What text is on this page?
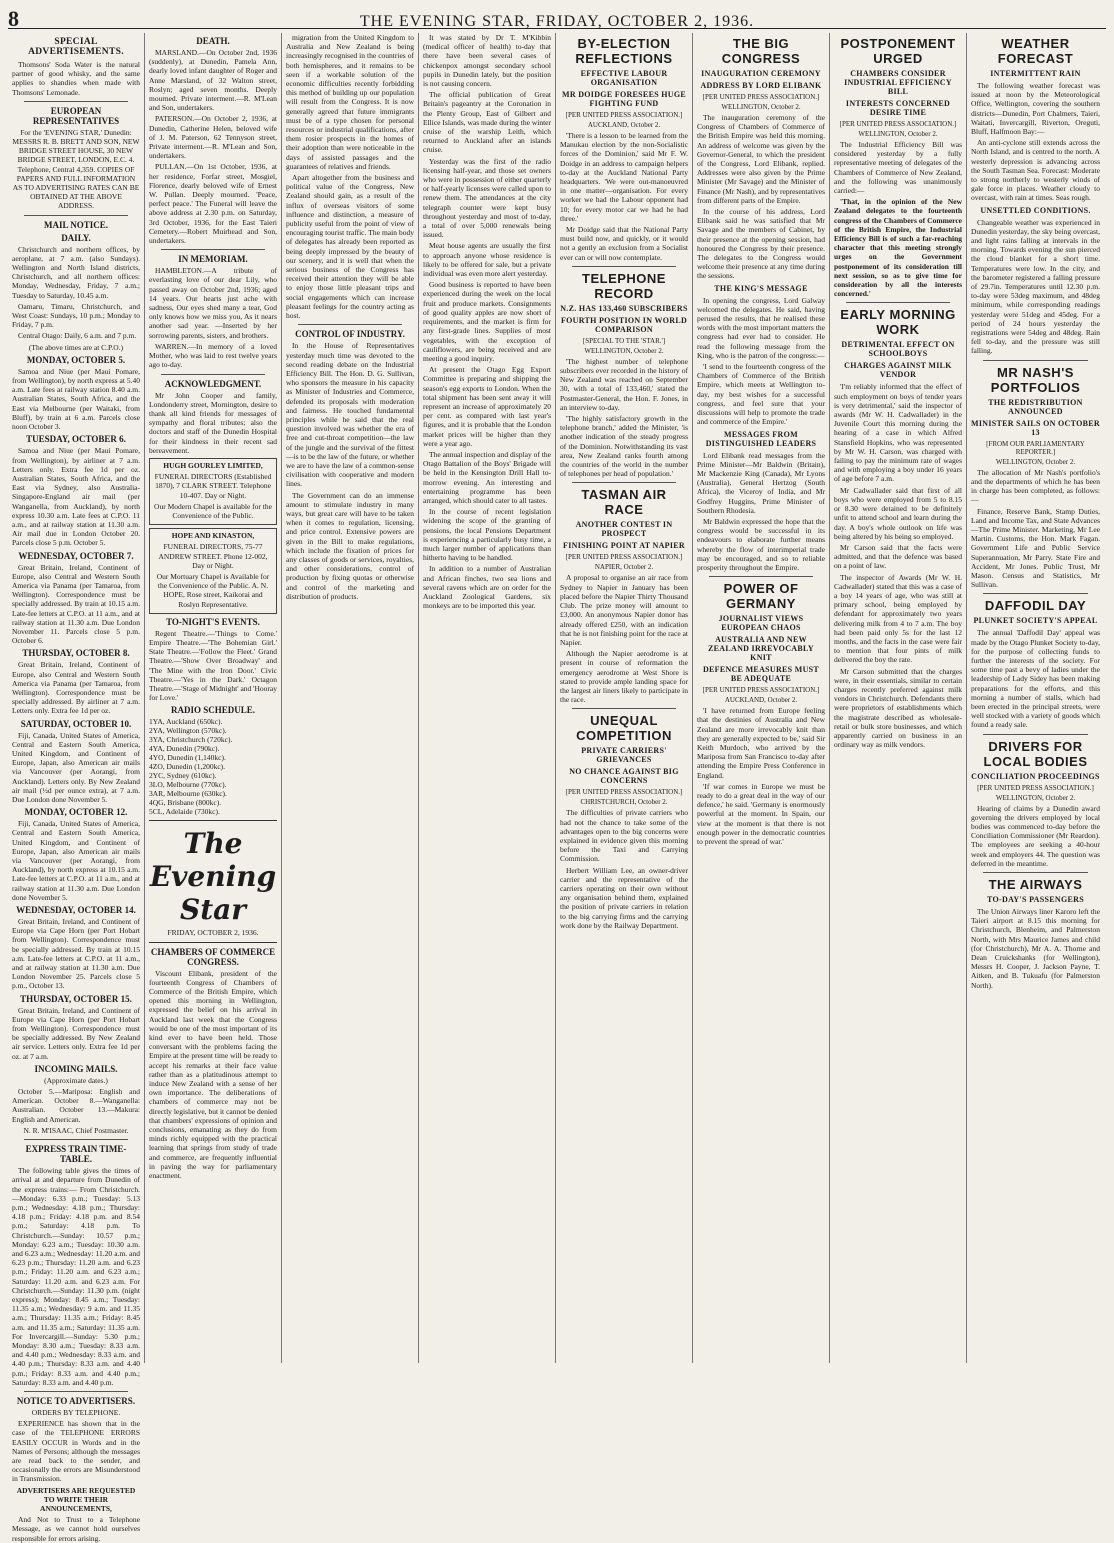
8	THE EVENING STAR, FRIDAY, OCTOBER 2, 1936.
SPECIAL ADVERTISEMENTS.

Thomsons' Soda Water is the natural partner of good whisky, and the same applies to shandies when made with Thomsons' Lemonade.

EUROPEAN REPRESENTATIVES

For the 'EVENING STAR,' Dunedin: MESSRS R. B. BRETT AND SON, NEW BRIDGE STREET HOUSE, 30 NEW BRIDGE STREET, LONDON, E.C. 4. Telephone, Central 4,359. COPIES OF PAPERS AND FULL INFORMATION AS TO ADVERTISING RATES CAN BE OBTAINED AT THE ABOVE ADDRESS.

MAIL NOTICE.
DAILY.

Christchurch and northern offices, by aeroplane, at 7 a.m. (also Sundays). Wellington and North Island districts, Christchurch, and all northern offices: Monday, Wednesday, Friday, 7 a.m.; Tuesday to Saturday, 10.45 a.m.

Oamaru, Timaru, Christchurch, and West Coast: Sundays, 10 p.m.; Monday to Friday, 7 p.m.

Central Otago: Daily, 6 a.m. and 7 p.m.

(The above times are at C.P.O.)

MONDAY, OCTOBER 5.

Samoa and Niue (per Maui Pomare, from Wellington), by north express at 5.40 a.m. Late fees at railway station 8.40 a.m. Australian States, South Africa, and the East via Melbourne (per Waitaki, from Bluff), by train at 6 a.m. Parcels close noon October 3.

TUESDAY, OCTOBER 6.

Samoa and Niue (per Maui Pomare, from Wellington), by airliner at 7 a.m. Letters only. Extra fee 1d per oz. Australian States, South Africa, and the East via Sydney, also Australia-Singapore-England air mail (per Wanganella, from Auckland), by north express 10.30 a.m. Late fees at C.P.O. 11 a.m., and at railway station at 11.30 a.m. Air mail due in London October 20. Parcels close 5 p.m. October 5.

WEDNESDAY, OCTOBER 7.

Great Britain, Ireland, Continent of Europe, also Central and Western South America via Panama (per Tamaroa, from Wellington). Correspondence must be specially addressed. By train at 10.15 a.m. Late-fee letters at C.P.O. at 11 a.m., and at railway station at 11.30 a.m. Due London November 11. Parcels close 5 p.m. October 6.

THURSDAY, OCTOBER 8.

Great Britain, Ireland, Continent of Europe, also Central and Western South America via Panama (per Tamaroa, from Wellington). Correspondence must be specially addressed. By airliner at 7 a.m. Letters only. Extra fee 1d per oz.

SATURDAY, OCTOBER 10.

Fiji, Canada, United States of America, Central and Eastern South America, United Kingdom, and Continent of Europe, Japan, also American air mails via Vancouver (per Aorangi, from Auckland). Letters only. By New Zealand air mail (½d per ounce extra), at 7 a.m. Due London done November 5.

MONDAY, OCTOBER 12.

Fiji, Canada, United States of America, Central and Eastern South America, United Kingdom, and Continent of Europe, Japan, also American air mails via Vancouver (per Aorangi, from Auckland), by north express at 10.15 a.m. Late-fee letters at C.P.O. at 11 a.m., and at railway station at 11.30 a.m. Due London done November 5.

WEDNESDAY, OCTOBER 14.

Great Britain, Ireland, and Continent of Europe via Cape Horn (per Port Hobart from Wellington). Correspondence must be specially addressed. By train at 10.15 a.m. Late-fee letters at C.P.O. at 11 a.m., and at railway station at 11.30 a.m. Due London November 25. Parcels close 5 p.m., October 13.

THURSDAY, OCTOBER 15.

Great Britain, Ireland, and Continent of Europe via Cape Horn (per Port Hobart from Wellington). Correspondence must be specially addressed. By New Zealand air service. Letters only. Extra fee 1d per oz. at 7 a.m.

INCOMING MAILS.

(Approximate dates.)

October 5.—Mariposa: English and American. October 8.—Wanganella: Australian. October 13.—Makura: English and American.

N. R. M'ISAAC, Chief Postmaster.

EXPRESS TRAIN TIME-TABLE.

The following table gives the times of arrival at and departure from Dunedin of the express trains:— From Christchurch.—Monday: 6.33 p.m.; Tuesday: 5.13 p.m.; Wednesday: 4.18 p.m.; Thursday: 4.18 p.m.; Friday: 4.18 p.m. and 8.54 p.m.; Saturday: 4.18 p.m. To Christchurch.—Sunday: 10.57 p.m.; Monday: 6.23 a.m.; Tuesday: 10.30 a.m. and 6.23 a.m.; Wednesday: 11.20 a.m. and 6.23 p.m.; Thursday: 11.20 a.m. and 6.23 p.m.; Friday: 11.20 a.m. and 6.23 a.m.; Saturday: 11.20 a.m. and 6.23 a.m. For Christchurch.—Sunday: 11.30 p.m. (night express); Monday: 8.45 a.m.; Tuesday: 11.35 a.m.; Wednesday: 9 a.m. and 11.35 a.m.; Thursday: 11.35 a.m.; Friday: 8.45 a.m. and 11.35 a.m.; Saturday: 11.35 a.m. For Invercargill.—Sunday: 5.30 p.m.; Monday: 8.30 a.m.; Tuesday: 8.33 a.m. and 4.40 p.m.; Wednesday: 8.33 a.m. and 4.40 p.m.; Thursday: 8.33 a.m. and 4.40 p.m.; Friday: 8.33 a.m. and 4.40 p.m.; Saturday: 8.33 a.m. and 4.40 p.m.

NOTICE TO ADVERTISERS.

ORDERS BY TELEPHONE.

EXPERIENCE has shown that in the case of the TELEPHONE ERRORS EASILY OCCUR in Words and in the Names of Persons; although the messages are read back to the sender, and occasionally the errors are Misunderstood in Transmission.

ADVERTISERS ARE REQUESTED TO WRITE THEIR ANNOUNCEMENTS,

And Not to Trust to a Telephone Message, as we cannot hold ourselves responsible for errors arising.

DEATH.

MARSLAND.—On October 2nd, 1936 (suddenly), at Dunedin, Pamela Ann, dearly loved infant daughter of Roger and Anne Marsland, of 32 Walton street, Roslyn; aged seven months. Deeply mourned. Private interment.—R. M'Lean and Son, undertakers.

PATERSON.—On October 2, 1936, at Dunedin, Catherine Helen, beloved wife of J. M. Paterson, 62 Tennyson street, Private interment.—R. M'Lean and Son, undertakers.

PULLAN.—On 1st October, 1936, at her residence, Forfar street, Mosgiel, Florence, dearly beloved wife of Ernest W. Pullan. Deeply mourned. 'Peace, perfect peace.' The Funeral will leave the above address at 2.30 p.m. on Saturday, 3rd October, 1936, for the East Taieri Cemetery.—Robert Muirhead and Son, undertakers.

IN MEMORIAM.

HAMBLETON.—A tribute of everlasting love of our dear Lily, who passed away on October 2nd, 1936; aged 14 years. Our hearts just ache with sadness, Our eyes shed many a tear, God only knows how we miss you, As it nears another sad year. —Inserted by her sorrowing parents, sisters, and brothers.

WARREN.—In memory of a loved Mother, who was laid to rest twelve years ago to-day.

ACKNOWLEDGMENT.

Mr John Cooper and family, Londonderry street, Mornington, desire to thank all kind friends for messages of sympathy and floral tributes; also the doctors and staff of the Dunedin Hospital for their kindness in their recent sad bereavement.

HUGH GOURLEY LIMITED,

FUNERAL DIRECTORS (Established 1870), 7 CLARK STREET. Telephone 10-407. Day or Night.

Our Modern Chapel is available for the Convenience of the Public.

HOPE AND KINASTON,

FUNERAL DIRECTORS, 75-77 ANDREW STREET. Phone 12-002, Day or Night.

Our Mortuary Chapel is Available for the Convenience of the Public. A. N. HOPE, Rose street, Kaikorai and Roslyn Representative.

TO-NIGHT'S EVENTS.

Regent Theatre.—'Things to Come.' Empire Theatre.—'The Bohemian Girl.' State Theatre.—'Follow the Fleet.' Grand Theatre.—'Show Over Broadway' and 'The Mine with the Iron Door.' Civic Theatre.—'Yes in the Dark.' Octagon Theatre.—'Stage of Midnight' and 'Hooray for Love.'

RADIO SCHEDULE.
1YA, Auckland (650kc).
2YA, Wellington (570kc).
3YA, Christchurch (720kc).
4YA, Dunedin (790kc).
4YO, Dunedin (1,140kc).
4ZO, Dunedin (1,200kc).
2YC, Sydney (610kc).
3LO, Melbourne (770kc).
3AR, Melbourne (630kc).
4QG, Brisbane (800kc).
5CL, Adelaide (730kc).
The Evening Star

FRIDAY, OCTOBER 2, 1936.

CHAMBERS OF COMMERCE CONGRESS.

Viscount Elibank, president of the fourteenth Congress of Chambers of Commerce of the British Empire, which opened this morning in Wellington, expressed the belief on his arrival in Auckland last week that the Congress would be one of the most important of its kind ever to have been held. Those conversant with the problems facing the Empire at the present time will be ready to accept his remarks at their face value rather than as a platitudinous attempt to induce New Zealand with a sense of her own importance. The deliberations of chambers of commerce may not be directly legislative, but it cannot be denied that chambers' expressions of opinion and conclusions, emanating as they do from minds richly equipped with the practical learning that springs from study of trade and commerce, are frequently influential in paving the way for parliamentary enactment.

migration from the United Kingdom to Australia and New Zealand is being increasingly recognised in the countries of both hemispheres, and it remains to be seen if a workable solution of the economic difficulties recently forbidding this method of building up our population will result from the Congress. It is now generally agreed that future immigrants must be of a type chosen for personal resources or industrial qualifications, after them rosier prospects in the homes of their adoption than were noticeable in the days of assisted passages and the guarantees of relatives and friends.

Apart altogether from the business and political value of the Congress, New Zealand should gain, as a result of the influx of overseas visitors of some influence and distinction, a measure of publicity useful from the point of view of encouraging tourist traffic. The main body of delegates has already been reported as being deeply impressed by the beauty of our scenery, and it is well that when the serious business of the Congress has received their attention they will be able to enjoy those little pleasant trips and social engagements which can increase pleasant feelings for the country acting as host.

CONTROL OF INDUSTRY.

In the House of Representatives yesterday much time was devoted to the second reading debate on the Industrial Efficiency Bill. The Hon. D. G. Sullivan, who sponsors the measure in his capacity as Minister of Industries and Commerce, defended its proposals with moderation and fairness. He touched fundamental principles while he said that the real question involved was whether the era of free and cut-throat competition—the law of the jungle and the survival of the fittest—is to be the law of the future, or whether we are to have the law of a common-sense civilisation with cooperative and modern lines.

The Government can do an immense amount to stimulate industry in many ways, but great care will have to be taken when it comes to regulation, licensing, and price control. Extensive powers are given in the Bill to make regulations, which include the fixation of prices for any classes of goods or services, royalties, and other considerations, control of production by fixing quotas or otherwise and control of the marketing and distribution of products.

It was stated by Dr T. M'Kibbin (medical officer of health) to-day that there have been several cases of chickenpox amongst secondary school pupils in Dunedin lately, but the position is not causing concern.

The official publication of Great Britain's pageantry at the Coronation in the Plenty Group, East of Gilbert and Ellice Islands, was made during the winter cruise of the warship Leith, which returned to Auckland after an islands cruise.

Yesterday was the first of the radio licensing half-year, and those set owners who were in possession of either quarterly or half-yearly licenses were called upon to renew them. The attendances at the city telegraph counter were kept busy throughout yesterday and most of to-day, a total of over 5,000 renewals being issued.

Meat house agents are usually the first to approach anyone whose residence is likely to be offered for sale, but a private individual was even more alert yesterday.

Good business is reported to have been experienced during the week on the local fruit and produce markets. Consignments of good quality apples are now short of requirements, and the market is firm for any first-grade lines. Supplies of most vegetables, with the exception of cauliflowers, are being received and are meeting a good inquiry.

At present the Otago Egg Export Committee is preparing and shipping the season's egg exports to London. When the total shipment has been sent away it will represent an increase of approximately 20 per cent. as compared with last year's figures, and it is probable that the London market prices will be higher than they were a year ago.

The annual inspection and display of the Otago Battalion of the Boys' Brigade will be held in the Kensington Drill Hall to-morrow evening. An interesting and entertaining programme has been arranged, which should cater to all tastes.

In the course of recent legislation widening the scope of the granting of pensions, the local Pensions Department is experiencing a particularly busy time, a much larger number of applications than hitherto having to be handled.

In addition to a number of Australian and African finches, two sea lions and several ravens which are on order for the Auckland Zoological Gardens, six monkeys are to be imported this year.

BY-ELECTION REFLECTIONS
EFFECTIVE LABOUR ORGANISATION
MR DOIDGE FORESEES HUGE FIGHTING FUND
[PER UNITED PRESS ASSOCIATION.]
AUCKLAND, October 2.

'There is a lesson to be learned from the Manukau election by the non-Socialistic forces of the Dominion,' said Mr F. W. Doidge in an address to campaign helpers to-day at the Auckland National Party headquarters. 'We were out-manoeuvred in one matter—organisation. For every worker we had the Labour opponent had 10; for every motor car we had he had three.'

Mr Doidge said that the National Party must build now, and quickly, or it would not a gently an exclusion from a Socialist ever can or will now contemplate.

TELEPHONE RECORD
N.Z. HAS 133,460 SUBSCRIBERS
FOURTH POSITION IN WORLD COMPARISON
[SPECIAL TO THE 'STAR.']
WELLINGTON, October 2.

'The highest number of telephone subscribers ever recorded in the history of New Zealand was reached on September 30, with a total of 133,460,' stated the Postmaster-General, the Hon. F. Jones, in an interview to-day.

'The highly satisfactory growth in the telephone branch,' added the Minister, 'is another indication of the steady progress of the Dominion. Notwithstanding its vast area, New Zealand ranks fourth among the countries of the world in the number of telephones per head of population.'

TASMAN AIR RACE
ANOTHER CONTEST IN PROSPECT
FINISHING POINT AT NAPIER
[PER UNITED PRESS ASSOCIATION.]
NAPIER, October 2.

A proposal to organise an air race from Sydney to Napier in January has been placed before the Napier Thirty Thousand Club. The prize money will amount to £3,000. An anonymous Napier donor has already offered £250, with an indication that he is not finishing point for the race at Napier.

Although the Napier aerodrome is at present in course of reformation the emergency aerodrome at West Shore is stated to provide ample landing space for the largest air liners likely to participate in the race.

UNEQUAL COMPETITION
PRIVATE CARRIERS' GRIEVANCES
NO CHANCE AGAINST BIG CONCERNS
[PER UNITED PRESS ASSOCIATION.]
CHRISTCHURCH, October 2.

The difficulties of private carriers who had not the chance to take some of the advantages open to the big concerns were explained in evidence given this morning before the Taxi and Carrying Commission.

Herbert William Lee, an owner-driver carrier and the representative of the carriers operating on their own without any organisation behind them, explained the position of private carriers in relation to the big carrying firms and the carrying work done by the Railway Department.

THE BIG CONGRESS
INAUGURATION CEREMONY
ADDRESS BY LORD ELIBANK
[PER UNITED PRESS ASSOCIATION.]
WELLINGTON, October 2.

The inauguration ceremony of the Congress of Chambers of Commerce of the British Empire was held this morning. An address of welcome was given by the Governor-General, to which the president of the Congress, Lord Elibank, replied. Addresses were also given by the Prime Minister (Mr Savage) and the Minister of Finance (Mr Nash), and by representatives from different parts of the Empire.

In the course of his address, Lord Elibank said he was satisfied that Mr Savage and the members of Cabinet, by their presence at the opening session, had honoured the Congress by their presence. The delegates to the Congress would welcome their presence at any time during the sessions.

THE KING'S MESSAGE

In opening the congress, Lord Galway welcomed the delegates. He said, having perused the results, that he realised these words with the most important matters the congress had ever had to consider. He read the following message from the King, who is the patron of the congress:—

'I send to the fourteenth congress of the Chambers of Commerce of the British Empire, which meets at Wellington to-day, my best wishes for a successful congress, and feel sure that your discussions will help to promote the trade and commerce of the Empire.'

MESSAGES FROM DISTINGUISHED LEADERS

Lord Elibank read messages from the Prime Minister—Mr Baldwin (Britain), Mr Mackenzie King (Canada), Mr Lyons (Australia), General Hertzog (South Africa), the Viceroy of India, and Mr Godfrey Huggins, Prime Minister of Southern Rhodesia.

Mr Baldwin expressed the hope that the congress would be successful in its endeavours to elaborate further means whereby the flow of interimperial trade may be encouraged, and so to reliable prosperity throughout the Empire.

POWER OF GERMANY
JOURNALIST VIEWS EUROPEAN CHAOS
AUSTRALIA AND NEW ZEALAND IRREVOCABLY KNIT
DEFENCE MEASURES MUST BE ADEQUATE
[PER UNITED PRESS ASSOCIATION.]
AUCKLAND, October 2.

'I have returned from Europe feeling that the destinies of Australia and New Zealand are more irrevocably knit than they are generally expected to be,' said Sir Keith Murdoch, who arrived by the Mariposa from San Francisco to-day after attending the Empire Press Conference in England.

'If war comes in Europe we must be ready to do a great deal in the way of our defence,' he said. 'Germany is enormously powerful at the moment. In Spain, our view at the moment is that there is not enough power in the democratic countries to prevent the spread of war.'

POSTPONEMENT URGED
CHAMBERS CONSIDER INDUSTRIAL EFFICIENCY BILL
INTERESTS CONCERNED DESIRE TIME
[PER UNITED PRESS ASSOCIATION.]
WELLINGTON, October 2.

The Industrial Efficiency Bill was considered yesterday by a fully representative meeting of delegates of the Chambers of Commerce of New Zealand, and the following was unanimously carried:—

'That, in the opinion of the New Zealand delegates to the fourteenth congress of the Chambers of Commerce of the British Empire, the Industrial Efficiency Bill is of such a far-reaching character that this meeting strongly urges on the Government postponement of its consideration till next session, so as to give time for consideration by all the interests concerned.'

EARLY MORNING WORK
DETRIMENTAL EFFECT ON SCHOOLBOYS
CHARGES AGAINST MILK VENDOR

'I'm reliably informed that the effect of such employment on boys of tender years is very detrimental,' said the inspector of awards (Mr W. H. Cadwallader) in the Juvenile Court this morning during the hearing of a case in which Alfred Stansfield Hopkins, who was represented by Mr W. H. Carson, was charged with failing to pay the minimum rate of wages and with employing a boy under 16 years of age before 7 a.m.

Mr Cadwallader said that first of all boys who were employed from 5 to 8.15 or 8.30 were detained to be definitely unfit to attend school and learn during the day. A boy's whole outlook on life was being altered by his being so employed.

Mr Carson said that the facts were admitted, and that the defence was based on a point of law.

The inspector of Awards (Mr W. H. Cadwallader) stated that this was a case of a boy 14 years of age, who was still at primary school, being employed by defendant for approximately two years delivering milk from 4 to 7 a.m. The boy had been paid only 5s for the last 12 months, and the facts in the case were fair to mention that four pints of milk delivered the boy the rate.

Mr Carson submitted that the charges were, in their essentials, similar to certain charges recently preferred against milk vendors in Christchurch. Defendants there were proprietors of establishments which the magistrate described as wholesale-retail or bulk store businesses, and which apparently carried on business in an ordinary way as milk vendors.

WEATHER FORECAST
INTERMITTENT RAIN

The following weather forecast was issued at noon by the Meteorological Office, Wellington, covering the southern districts—Dunedin, Port Chalmers, Taieri, Waitati, Invercargill, Riverton, Oreguti, Bluff, Halfmoon Bay:—

An anti-cyclone still extends across the North Island, and is centred to the north. A westerly depression is advancing across the South Tasman Sea. Forecast: Moderate to strong northerly to westerly winds of gale force in places. Weather cloudy to overcast, with rain at times. Seas rough.

UNSETTLED CONDITIONS.

Changeable weather was experienced in Dunedin yesterday, the sky being overcast, and light rains falling at intervals in the morning. Towards evening the sun pierced the cloud blanket for a short time. Temperatures were low. In the city, and the barometer registered a falling pressure of 29.7in. Temperatures until 12.30 p.m. to-day were 53deg maximum, and 48deg minimum, while corresponding readings yesterday were 51deg and 45deg. For a period of 24 hours yesterday the registrations were 54deg and 48deg. Rain fell to-day, and the pressure was still falling.

MR NASH'S PORTFOLIOS
THE REDISTRIBUTION ANNOUNCED
MINISTER SAILS ON OCTOBER 13
[FROM OUR PARLIAMENTARY REPORTER.]
WELLINGTON, October 2.

The allocation of Mr Nash's portfolio's and the departments of which he has been in charge has been completed, as follows:—

Finance, Reserve Bank, Stamp Duties, Land and Income Tax, and State Advances—The Prime Minister. Marketing, Mr Lee Martin. Customs, the Hon. Mark Fagan. Government Life and Public Service Superannuation, Mr Parry. State Fire and Accident, Mr Jones. Public Trust, Mr Mason. Census and Statistics, Mr Sullivan.

DAFFODIL DAY
PLUNKET SOCIETY'S APPEAL

The annual 'Daffodil Day' appeal was made by the Otago Plunket Society to-day, for the purpose of collecting funds to further the interests of the society. For some time past a bevy of ladies under the leadership of Lady Sidey has been making preparations for the efforts, and this morning a number of stalls, which had been erected in the principal streets, were well stocked with a variety of goods which found a ready sale.

DRIVERS FOR LOCAL BODIES
CONCILIATION PROCEEDINGS
[PER UNITED PRESS ASSOCIATION.]
WELLINGTON, October 2.

Hearing of claims by a Dunedin award governing the drivers employed by local bodies was commenced to-day before the Conciliation Commissioner (Mr Reardon). The employees are seeking a 40-hour week and employers 44. The question was deferred in the meantime.

THE AIRWAYS
TO-DAY'S PASSENGERS

The Union Airways liner Karoro left the Taieri airport at 8.15 this morning for Christchurch, Blenheim, and Palmerston North, with Mrs Maurice James and child (for Christchurch), Mr A. A. Thorne and Dean Cruickshanks (for Wellington), Messrs H. Cooper, J. Jackson Payne, T. Aitken, and B. Tukuafu (for Palmerston North).
